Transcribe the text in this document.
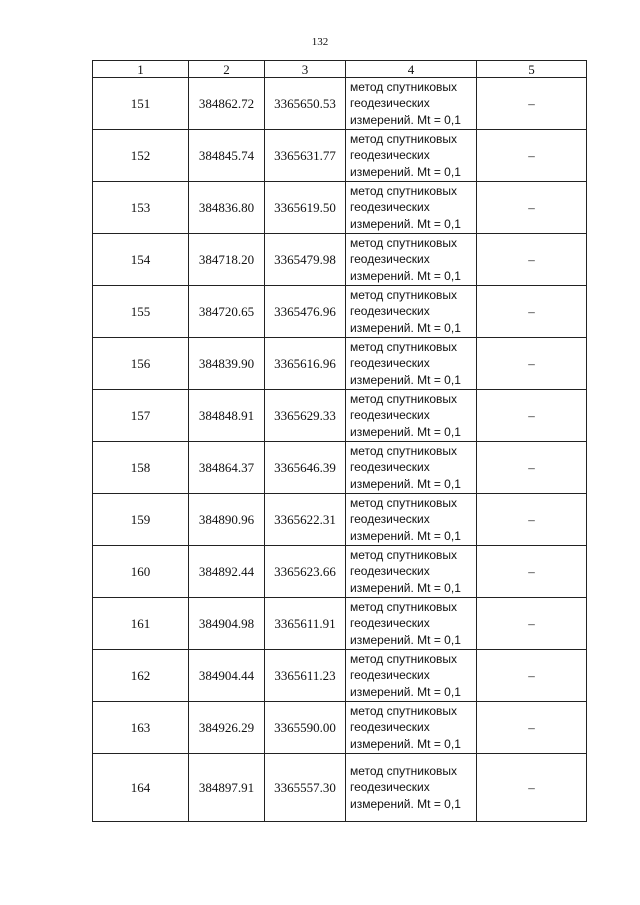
132
1	2	3	4	5
151	384862.72	3365650.53	метод спутниковых
геодезических
измерений. Mt = 0,1	–
152	384845.74	3365631.77	метод спутниковых
геодезических
измерений. Mt = 0,1	–
153	384836.80	3365619.50	метод спутниковых
геодезических
измерений. Mt = 0,1	–
154	384718.20	3365479.98	метод спутниковых
геодезических
измерений. Mt = 0,1	–
155	384720.65	3365476.96	метод спутниковых
геодезических
измерений. Mt = 0,1	–
156	384839.90	3365616.96	метод спутниковых
геодезических
измерений. Mt = 0,1	–
157	384848.91	3365629.33	метод спутниковых
геодезических
измерений. Mt = 0,1	–
158	384864.37	3365646.39	метод спутниковых
геодезических
измерений. Mt = 0,1	–
159	384890.96	3365622.31	метод спутниковых
геодезических
измерений. Mt = 0,1	–
160	384892.44	3365623.66	метод спутниковых
геодезических
измерений. Mt = 0,1	–
161	384904.98	3365611.91	метод спутниковых
геодезических
измерений. Mt = 0,1	–
162	384904.44	3365611.23	метод спутниковых
геодезических
измерений. Mt = 0,1	–
163	384926.29	3365590.00	метод спутниковых
геодезических
измерений. Mt = 0,1	–
164	384897.91	3365557.30	метод спутниковых
геодезических
измерений. Mt = 0,1	–
